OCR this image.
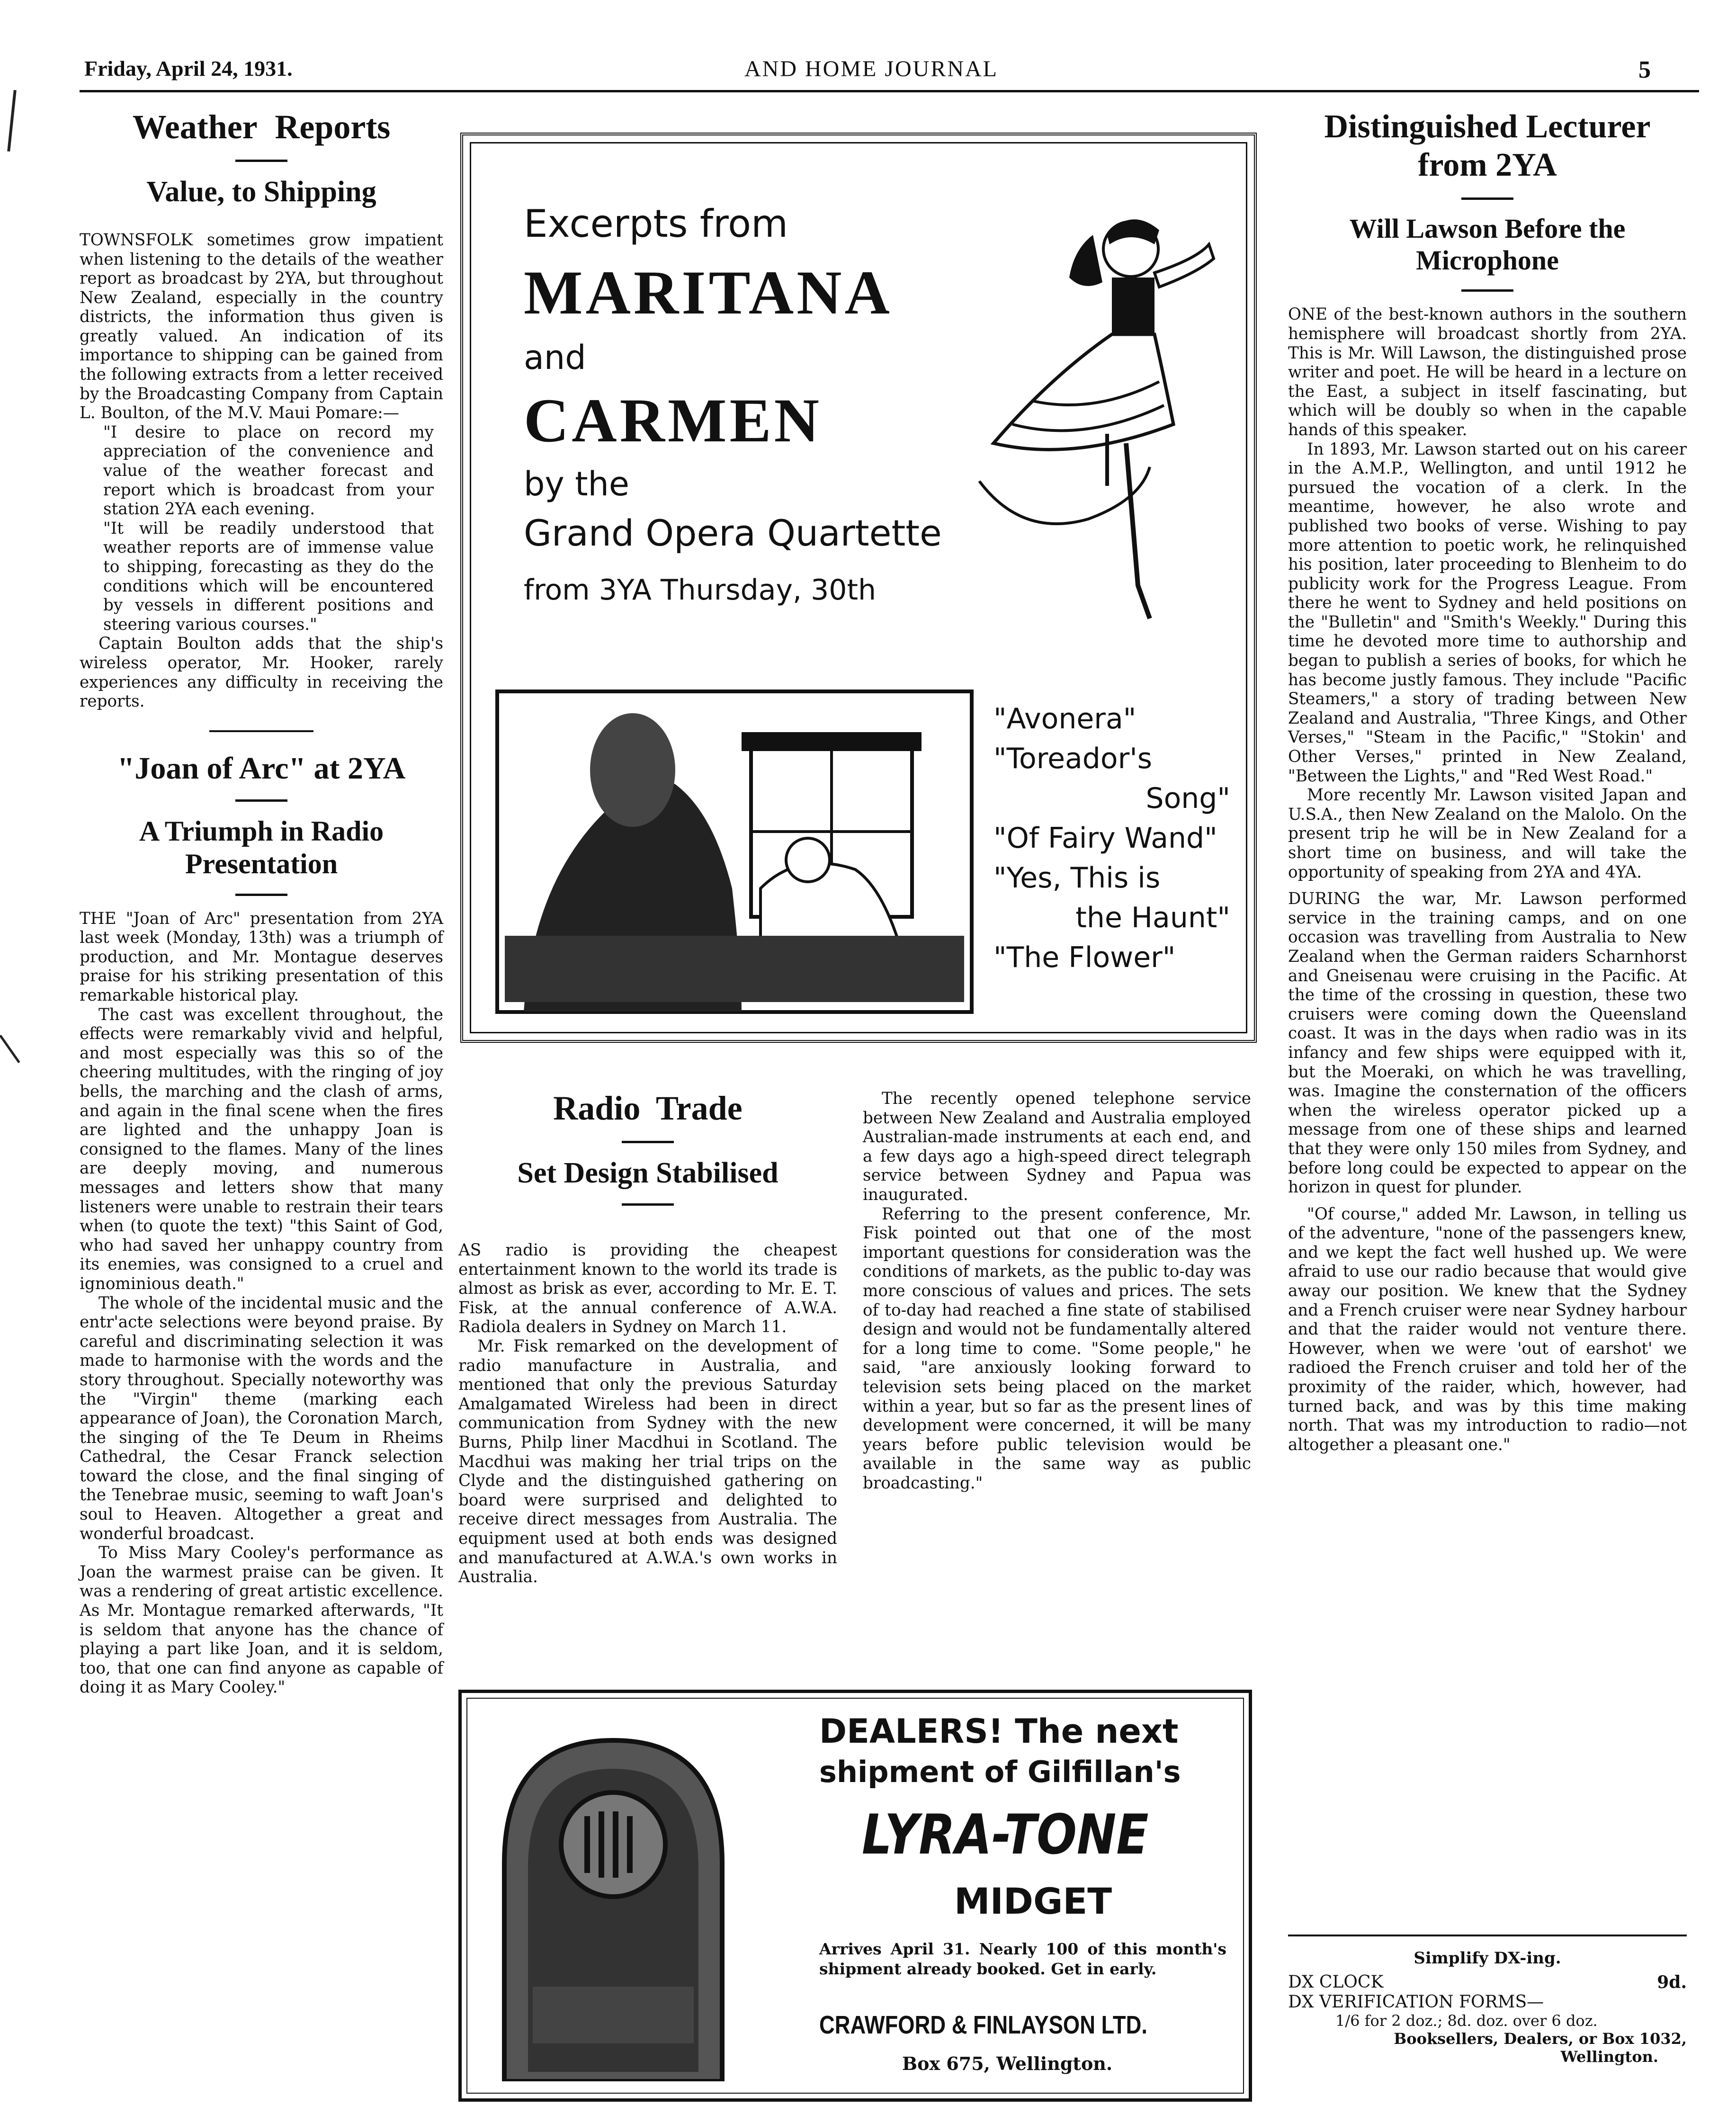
Friday, April 24, 1931.	AND HOME JOURNAL	5
Weather Reports
Value, to Shipping

TOWNSFOLK sometimes grow impatient when listening to the details of the weather report as broadcast by 2YA, but throughout New Zealand, especially in the country districts, the information thus given is greatly valued. An indication of its importance to shipping can be gained from the following extracts from a letter received by the Broadcasting Company from Captain L. Boulton, of the M.V. Maui Pomare:—

"I desire to place on record my appreciation of the convenience and value of the weather forecast and report which is broadcast from your station 2YA each evening.

"It will be readily understood that weather reports are of immense value to shipping, forecasting as they do the conditions which will be encountered by vessels in different positions and steering various courses."

Captain Boulton adds that the ship's wireless operator, Mr. Hooker, rarely experiences any difficulty in receiving the reports.

"Joan of Arc" at 2YA
A Triumph in Radio Presentation

THE "Joan of Arc" presentation from 2YA last week (Monday, 13th) was a triumph of production, and Mr. Montague deserves praise for his striking presentation of this remarkable historical play.

The cast was excellent throughout, the effects were remarkably vivid and helpful, and most especially was this so of the cheering multitudes, with the ringing of joy bells, the marching and the clash of arms, and again in the final scene when the fires are lighted and the unhappy Joan is consigned to the flames. Many of the lines are deeply moving, and numerous messages and letters show that many listeners were unable to restrain their tears when (to quote the text) "this Saint of God, who had saved her unhappy country from its enemies, was consigned to a cruel and ignominious death."

The whole of the incidental music and the entr'acte selections were beyond praise. By careful and discriminating selection it was made to harmonise with the words and the story throughout. Specially noteworthy was the "Virgin" theme (marking each appearance of Joan), the Coronation March, the singing of the Te Deum in Rheims Cathedral, the Cesar Franck selection toward the close, and the final singing of the Tenebrae music, seeming to waft Joan's soul to Heaven. Altogether a great and wonderful broadcast.

To Miss Mary Cooley's performance as Joan the warmest praise can be given. It was a rendering of great artistic excellence. As Mr. Montague remarked afterwards, "It is seldom that anyone has the chance of playing a part like Joan, and it is seldom, too, that one can find anyone as capable of doing it as Mary Cooley."

Excerpts from
MARITANA
and
CARMEN
by the
Grand Opera Quartette
from 3YA Thursday, 30th
"Avonera"
"Toreador's
Song"
"Of Fairy Wand"
"Yes, This is
the Haunt"
"The Flower"
Radio Trade
Set Design Stabilised

AS radio is providing the cheapest entertainment known to the world its trade is almost as brisk as ever, according to Mr. E. T. Fisk, at the annual conference of A.W.A. Radiola dealers in Sydney on March 11.

Mr. Fisk remarked on the development of radio manufacture in Australia, and mentioned that only the previous Saturday Amalgamated Wireless had been in direct communication from Sydney with the new Burns, Philp liner Macdhui in Scotland. The Macdhui was making her trial trips on the Clyde and the distinguished gathering on board were surprised and delighted to receive direct messages from Australia. The equipment used at both ends was designed and manufactured at A.W.A.'s own works in Australia.

The recently opened telephone service between New Zealand and Australia employed Australian-made instruments at each end, and a few days ago a high-speed direct telegraph service between Sydney and Papua was inaugurated.

Referring to the present conference, Mr. Fisk pointed out that one of the most important questions for consideration was the conditions of markets, as the public to-day was more conscious of values and prices. The sets of to-day had reached a fine state of stabilised design and would not be fundamentally altered for a long time to come. "Some people," he said, "are anxiously looking forward to television sets being placed on the market within a year, but so far as the present lines of development were concerned, it will be many years before public television would be available in the same way as public broadcasting."

DEALERS! The next
shipment of Gilfillan's
LYRA-TONE
MIDGET
Arrives April 31. Nearly 100 of this month's shipment already booked. Get in early.
CRAWFORD & FINLAYSON LTD.
Box 675, Wellington.
Distinguished Lecturer from 2YA
Will Lawson Before the Microphone

ONE of the best-known authors in the southern hemisphere will broadcast shortly from 2YA. This is Mr. Will Lawson, the distinguished prose writer and poet. He will be heard in a lecture on the East, a subject in itself fascinating, but which will be doubly so when in the capable hands of this speaker.

In 1893, Mr. Lawson started out on his career in the A.M.P., Wellington, and until 1912 he pursued the vocation of a clerk. In the meantime, however, he also wrote and published two books of verse. Wishing to pay more attention to poetic work, he relinquished his position, later proceeding to Blenheim to do publicity work for the Progress League. From there he went to Sydney and held positions on the "Bulletin" and "Smith's Weekly." During this time he devoted more time to authorship and began to publish a series of books, for which he has become justly famous. They include "Pacific Steamers," a story of trading between New Zealand and Australia, "Three Kings, and Other Verses," "Steam in the Pacific," "Stokin' and Other Verses," printed in New Zealand, "Between the Lights," and "Red West Road."

More recently Mr. Lawson visited Japan and U.S.A., then New Zealand on the Malolo. On the present trip he will be in New Zealand for a short time on business, and will take the opportunity of speaking from 2YA and 4YA.

DURING the war, Mr. Lawson performed service in the training camps, and on one occasion was travelling from Australia to New Zealand when the German raiders Scharnhorst and Gneisenau were cruising in the Pacific. At the time of the crossing in question, these two cruisers were coming down the Queensland coast. It was in the days when radio was in its infancy and few ships were equipped with it, but the Moeraki, on which he was travelling, was. Imagine the consternation of the officers when the wireless operator picked up a message from one of these ships and learned that they were only 150 miles from Sydney, and before long could be expected to appear on the horizon in quest for plunder.

"Of course," added Mr. Lawson, in telling us of the adventure, "none of the passengers knew, and we kept the fact well hushed up. We were afraid to use our radio because that would give away our position. We knew that the Sydney and a French cruiser were near Sydney harbour and that the raider would not venture there. However, when we were 'out of earshot' we radioed the French cruiser and told her of the proximity of the raider, which, however, had turned back, and was by this time making north. That was my introduction to radio—not altogether a pleasant one."

Simplify DX-ing.
DX CLOCK	9d.
DX VERIFICATION FORMS—
1/6 for 2 doz.; 8d. doz. over 6 doz.
Booksellers, Dealers, or Box 1032,
Wellington.
